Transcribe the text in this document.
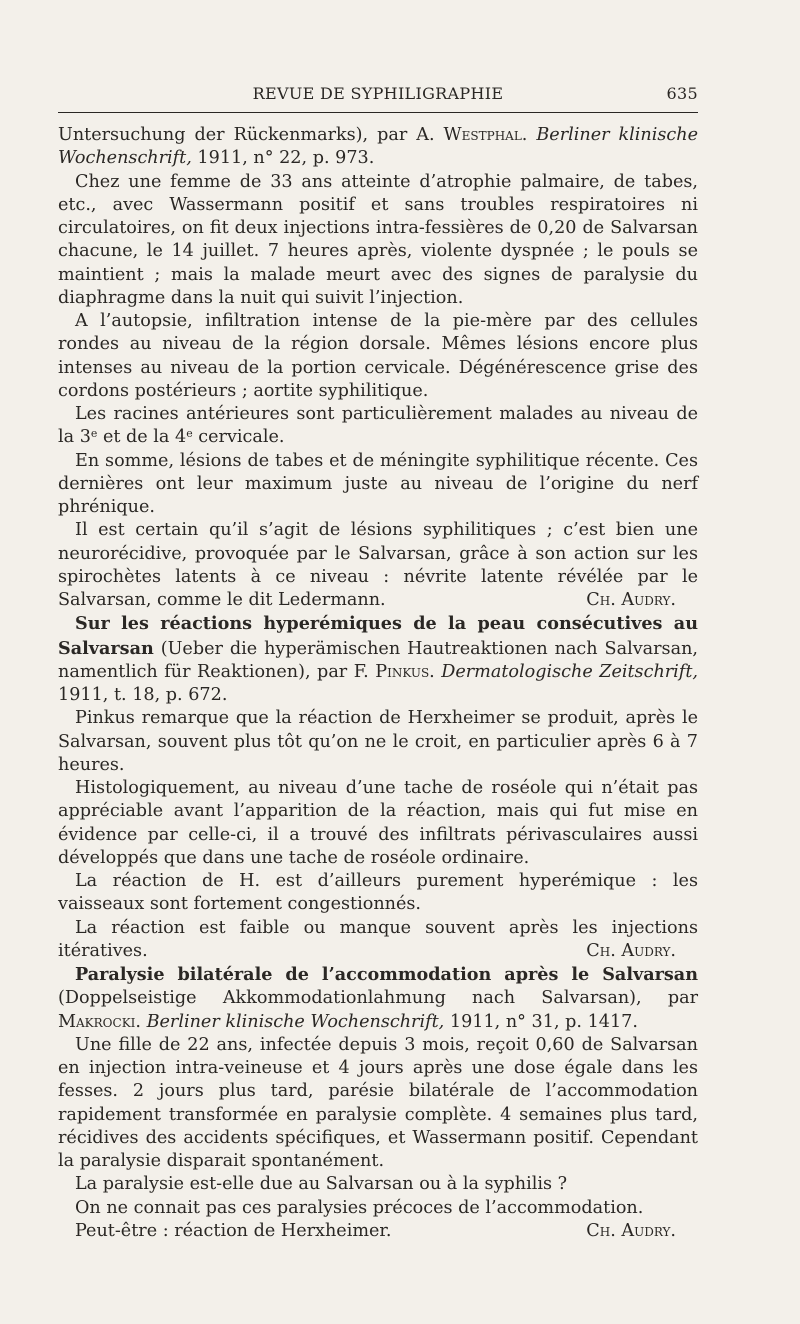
REVUE DE SYPHILIGRAPHIE	635

Untersuchung der Rückenmarks), par A. Westphal. Berliner klinische Wochenschrift, 1911, n° 22, p. 973.

Chez une femme de 33 ans atteinte d’atrophie palmaire, de tabes, etc., avec Wassermann positif et sans troubles respiratoires ni circulatoires, on fit deux injections intra-fessières de 0,20 de Salvarsan chacune, le 14 juillet. 7 heures après, violente dyspnée ; le pouls se maintient ; mais la malade meurt avec des signes de paralysie du diaphragme dans la nuit qui suivit l’injection.

A l’autopsie, infiltration intense de la pie-mère par des cellules rondes au niveau de la région dorsale. Mêmes lésions encore plus intenses au niveau de la portion cervicale. Dégénérescence grise des cordons postérieurs ; aortite syphilitique.

Les racines antérieures sont particulièrement malades au niveau de la 3e et de la 4e cervicale.

En somme, lésions de tabes et de méningite syphilitique récente. Ces dernières ont leur maximum juste au niveau de l’origine du nerf phrénique.

Il est certain qu’il s’agit de lésions syphilitiques ; c’est bien une neurorécidive, provoquée par le Salvarsan, grâce à son action sur les spirochètes latents à ce niveau : névrite latente révélée par le Salvarsan, comme le dit Ledermann.	Ch. Audry.

Sur les réactions hyperémiques de la peau consécutives au Salvarsan (Ueber die hyperämischen Hautreaktionen nach Salvarsan, namentlich für Reaktionen), par F. Pinkus. Dermatologische Zeitschrift, 1911, t. 18, p. 672.

Pinkus remarque que la réaction de Herxheimer se produit, après le Salvarsan, souvent plus tôt qu’on ne le croit, en particulier après 6 à 7 heures.

Histologiquement, au niveau d’une tache de roséole qui n’était pas appréciable avant l’apparition de la réaction, mais qui fut mise en évidence par celle-ci, il a trouvé des infiltrats périvasculaires aussi développés que dans une tache de roséole ordinaire.

La réaction de H. est d’ailleurs purement hyperémique : les vaisseaux sont fortement congestionnés.

La réaction est faible ou manque souvent après les injections itératives.	Ch. Audry.

Paralysie bilatérale de l’accommodation après le Salvarsan (Doppelseistige Akkommodationlahmung nach Salvarsan), par Makrocki. Berliner klinische Wochenschrift, 1911, n° 31, p. 1417.

Une fille de 22 ans, infectée depuis 3 mois, reçoit 0,60 de Salvarsan en injection intra-veineuse et 4 jours après une dose égale dans les fesses. 2 jours plus tard, parésie bilatérale de l’accommodation rapidement transformée en paralysie complète. 4 semaines plus tard, récidives des accidents spécifiques, et Wassermann positif. Cependant la paralysie disparait spontanément.

La paralysie est-elle due au Salvarsan ou à la syphilis ?

On ne connait pas ces paralysies précoces de l’accommodation.

Peut-être : réaction de Herxheimer.	Ch. Audry.
